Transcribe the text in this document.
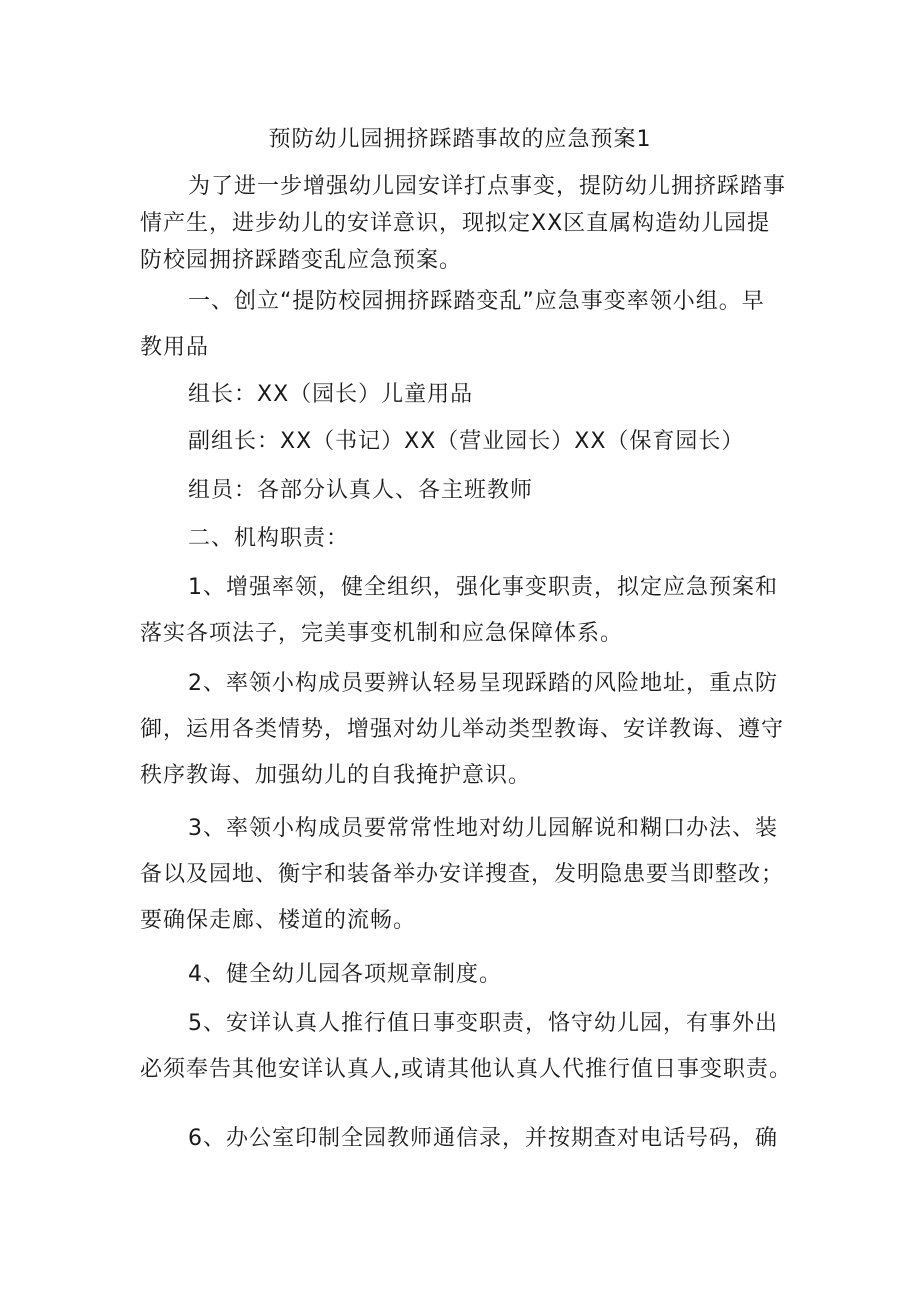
预防幼儿园拥挤踩踏事故的应急预案1

为了进一步增强幼儿园安详打点事变，提防幼儿拥挤踩踏事

情产生，进步幼儿的安详意识，现拟定XX区直属构造幼儿园提

防校园拥挤踩踏变乱应急预案。

一、创立“提防校园拥挤踩踏变乱”应急事变率领小组。早

教用品

组长：XX（园长）儿童用品

副组长：XX（书记）XX（营业园长）XX（保育园长）

组员：各部分认真人、各主班教师

二、机构职责：

1、增强率领，健全组织，强化事变职责，拟定应急预案和

落实各项法子，完美事变机制和应急保障体系。

2、率领小构成员要辨认轻易呈现踩踏的风险地址，重点防

御，运用各类情势，增强对幼儿举动类型教诲、安详教诲、遵守

秩序教诲、加强幼儿的自我掩护意识。

3、率领小构成员要常常性地对幼儿园解说和糊口办法、装

备以及园地、衡宇和装备举办安详搜查，发明隐患要当即整改；

要确保走廊、楼道的流畅。

4、健全幼儿园各项规章制度。

5、安详认真人推行值日事变职责，恪守幼儿园，有事外出

必须奉告其他安详认真人,或请其他认真人代推行值日事变职责。

6、办公室印制全园教师通信录，并按期查对电话号码，确
